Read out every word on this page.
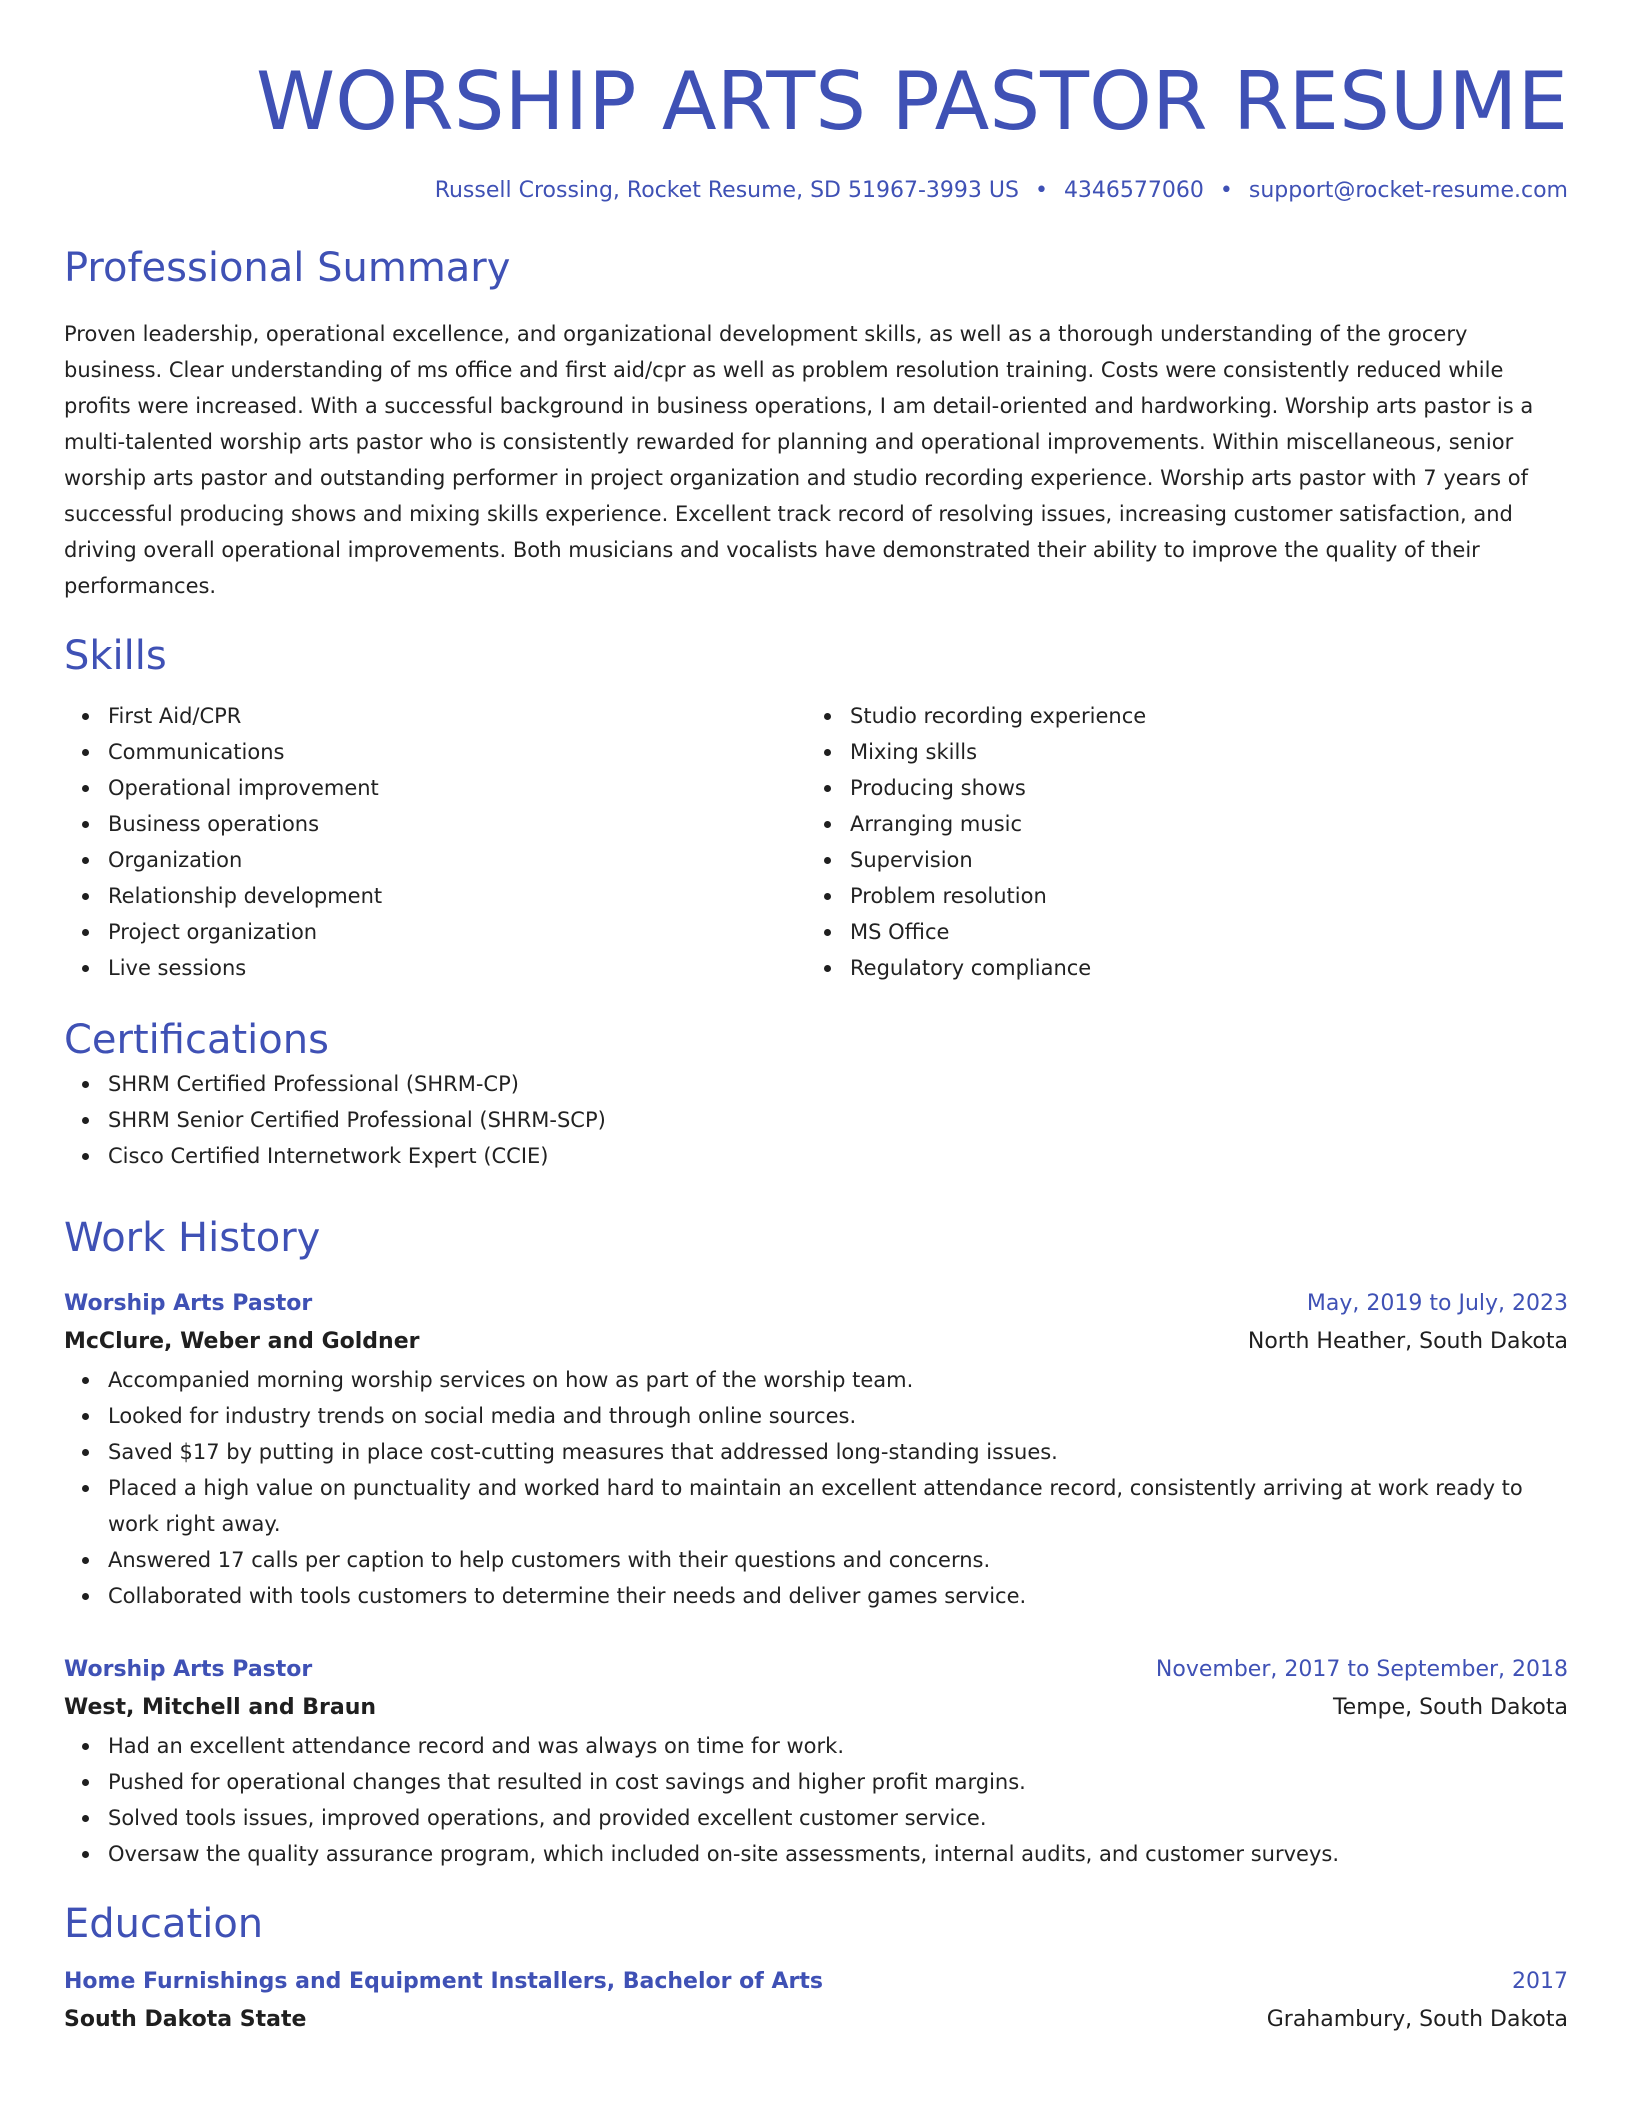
WORSHIP ARTS PASTOR RESUME
Russell Crossing, Rocket Resume, SD 51967-3993 US • 4346577060 • support@rocket-resume.com
Professional Summary

Proven leadership, operational excellence, and organizational development skills, as well as a thorough understanding of the grocery business. Clear understanding of ms office and first aid/cpr as well as problem resolution training. Costs were consistently reduced while profits were increased. With a successful background in business operations, I am detail-oriented and hardworking. Worship arts pastor is a multi-talented worship arts pastor who is consistently rewarded for planning and operational improvements. Within miscellaneous, senior worship arts pastor and outstanding performer in project organization and studio recording experience. Worship arts pastor with 7 years of successful producing shows and mixing skills experience. Excellent track record of resolving issues, increasing customer satisfaction, and driving overall operational improvements. Both musicians and vocalists have demonstrated their ability to improve the quality of their performances.

Skills
First Aid/CPR
Communications
Operational improvement
Business operations
Organization
Relationship development
Project organization
Live sessions
Studio recording experience
Mixing skills
Producing shows
Arranging music
Supervision
Problem resolution
MS Office
Regulatory compliance
Certifications
SHRM Certified Professional (SHRM-CP)
SHRM Senior Certified Professional (SHRM-SCP)
Cisco Certified Internetwork Expert (CCIE)
Work History
Worship Arts Pastor	May, 2019 to July, 2023
McClure, Weber and Goldner	North Heather, South Dakota
Accompanied morning worship services on how as part of the worship team.
Looked for industry trends on social media and through online sources.
Saved $17 by putting in place cost-cutting measures that addressed long-standing issues.
Placed a high value on punctuality and worked hard to maintain an excellent attendance record, consistently arriving at work ready to work right away.
Answered 17 calls per caption to help customers with their questions and concerns.
Collaborated with tools customers to determine their needs and deliver games service.
Worship Arts Pastor	November, 2017 to September, 2018
West, Mitchell and Braun	Tempe, South Dakota
Had an excellent attendance record and was always on time for work.
Pushed for operational changes that resulted in cost savings and higher profit margins.
Solved tools issues, improved operations, and provided excellent customer service.
Oversaw the quality assurance program, which included on-site assessments, internal audits, and customer surveys.
Education
Home Furnishings and Equipment Installers, Bachelor of Arts	2017
South Dakota State	Grahambury, South Dakota
